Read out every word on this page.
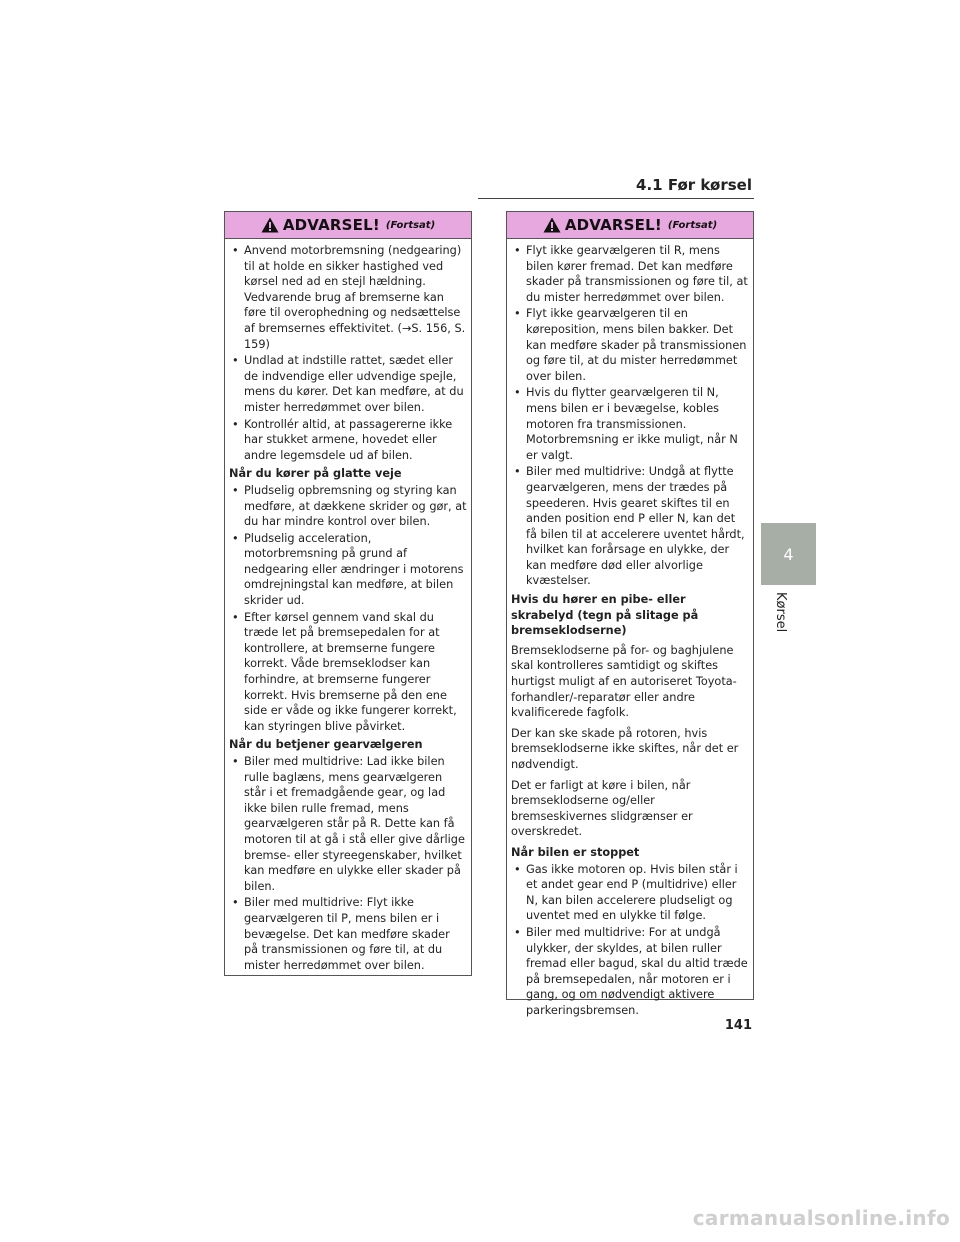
4.1 Før kørsel
ADVARSEL! (Fortsat)
• Anvend motorbremsning (nedgearing) til at holde en sikker hastighed ved kørsel ned ad en stejl hældning. Vedvarende brug af bremserne kan føre til overophedning og nedsættelse af bremsernes effektivitet. (→S. 156, S. 159)
• Undlad at indstille rattet, sædet eller de indvendige eller udvendige spejle, mens du kører. Det kan medføre, at du mister herredømmet over bilen.
• Kontrollér altid, at passagererne ikke har stukket armene, hovedet eller andre legemsdele ud af bilen.
Når du kører på glatte veje
• Pludselig opbremsning og styring kan medføre, at dækkene skrider og gør, at du har mindre kontrol over bilen.
• Pludselig acceleration, motorbremsning på grund af nedgearing eller ændringer i motorens omdrejningstal kan medføre, at bilen skrider ud.
• Efter kørsel gennem vand skal du træde let på bremsepedalen for at kontrollere, at bremserne fungere korrekt. Våde bremseklodser kan forhindre, at bremserne fungerer korrekt. Hvis bremserne på den ene side er våde og ikke fungerer korrekt, kan styringen blive påvirket.
Når du betjener gearvælgeren
• Biler med multidrive: Lad ikke bilen rulle baglæns, mens gearvælgeren står i et fremadgående gear, og lad ikke bilen rulle fremad, mens gearvælgeren står på R. Dette kan få motoren til at gå i stå eller give dårlige bremse- eller styreegenskaber, hvilket kan medføre en ulykke eller skader på bilen.
• Biler med multidrive: Flyt ikke gearvælgeren til P, mens bilen er i bevægelse. Det kan medføre skader på transmissionen og føre til, at du mister herredømmet over bilen.
ADVARSEL! (Fortsat)
• Flyt ikke gearvælgeren til R, mens bilen kører fremad. Det kan medføre skader på transmissionen og føre til, at du mister herredømmet over bilen.
• Flyt ikke gearvælgeren til en køreposition, mens bilen bakker. Det kan medføre skader på transmissionen og føre til, at du mister herredømmet over bilen.
• Hvis du flytter gearvælgeren til N, mens bilen er i bevægelse, kobles motoren fra transmissionen. Motorbremsning er ikke muligt, når N er valgt.
• Biler med multidrive: Undgå at flytte gearvælgeren, mens der trædes på speederen. Hvis gearet skiftes til en anden position end P eller N, kan det få bilen til at accelerere uventet hårdt, hvilket kan forårsage en ulykke, der kan medføre død eller alvorlige kvæstelser.
Hvis du hører en pibe- eller skrabelyd (tegn på slitage på bremseklodserne)
Bremseklodserne på for- og baghjulene skal kontrolleres samtidigt og skiftes hurtigst muligt af en autoriseret Toyota-forhandler/-reparatør eller andre kvalificerede fagfolk.
Der kan ske skade på rotoren, hvis bremseklodserne ikke skiftes, når det er nødvendigt.
Det er farligt at køre i bilen, når bremseklodserne og/eller bremseskivernes slidgrænser er overskredet.
Når bilen er stoppet
• Gas ikke motoren op. Hvis bilen står i et andet gear end P (multidrive) eller N, kan bilen accelerere pludseligt og uventet med en ulykke til følge.
• Biler med multidrive: For at undgå ulykker, der skyldes, at bilen ruller fremad eller bagud, skal du altid træde på bremsepedalen, når motoren er i gang, og om nødvendigt aktivere parkeringsbremsen.
4
Kørsel
141
carmanualsonline.info
